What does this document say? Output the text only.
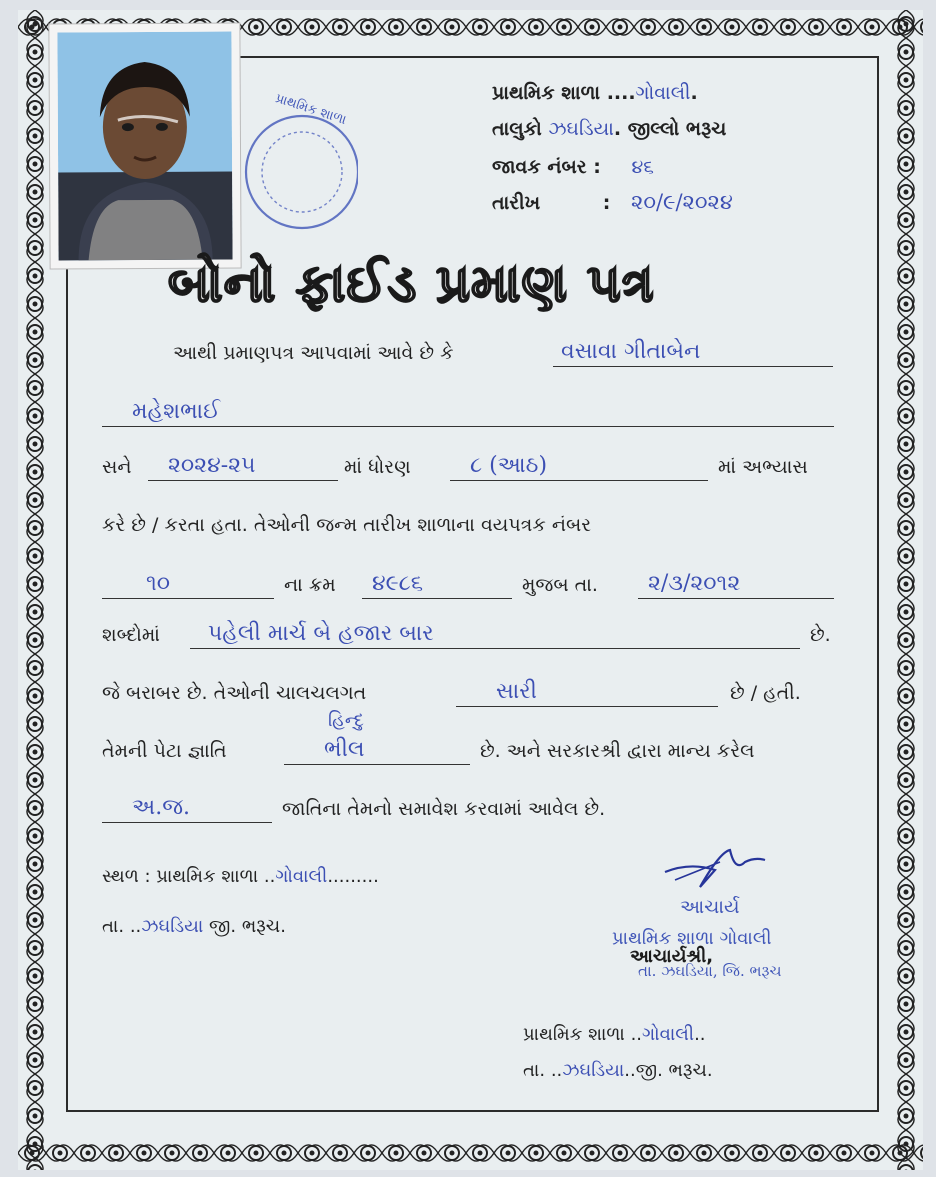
પ્રાથમિક શાળા	પ્રાથમિક શાળા ....ગોવાલી.
તાલુકો ઝઘડિયા. જીલ્લો ભરૂચ
જાવક નંબર : ૪૬
તારીખ	: ૨૦/૯/૨૦૨૪
બોનો ફાઈડ પ્રમાણ પત્ર
આથી પ્રમાણપત્ર આપવામાં આવે છે કે	વસાવા ગીતાબેન
મહેશભાઈ
સને ૨૦૨૪-૨૫	માં ધોરણ	૮ (આઠ)	માં અભ્યાસ
કરે છે / કરતા હતા. તેઓની જન્મ તારીખ શાળાના વયપત્રક નંબર
૧૦	ના ક્રમ ૪૯૮૬	મુજબ તા. ૨/૩/૨૦૧૨
શબ્દોમાં પહેલી માર્ચ બે હજાર બાર	છે.
જે બરાબર છે. તેઓની ચાલચલગત	સારી	છે / હતી.
તેમની પેટા જ્ઞાતિ
હિન્દુ
ભીલ	છે. અને સરકારશ્રી દ્વારા માન્ય કરેલ
અ.જ.	જાતિના તેમનો સમાવેશ કરવામાં આવેલ છે.
સ્થળ : પ્રાથમિક શાળા ..ગોવાલી.........
તા. ..ઝઘડિયા જી. ભરૂચ.
આચાર્ય
આચાર્યશ્રી,
પ્રાથમિક શાળા ગોવાલી
તા. ઝઘડિયા, જિ. ભરૂચ
પ્રાથમિક શાળા ..ગોવાલી..
તા. ..ઝઘડિયા..જી. ભરૂચ.
